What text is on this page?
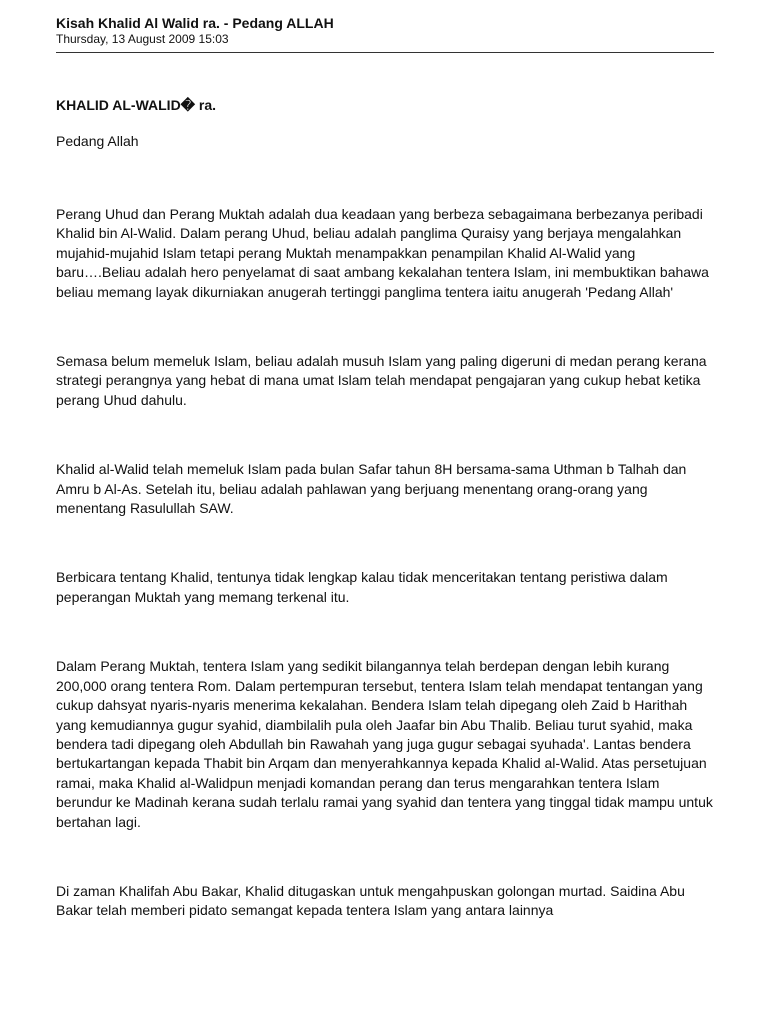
Kisah Khalid Al Walid ra. - Pedang ALLAH

Thursday, 13 August 2009 15:03

KHALID AL-WALID� ra.

Pedang Allah

Perang Uhud dan Perang Muktah adalah dua keadaan yang berbeza sebagaimana berbezanya peribadi Khalid bin Al-Walid. Dalam perang Uhud, beliau adalah panglima Quraisy yang berjaya mengalahkan mujahid-mujahid Islam tetapi perang Muktah menampakkan penampilan Khalid Al-Walid yang baru….Beliau adalah hero penyelamat di saat ambang kekalahan tentera Islam, ini membuktikan bahawa beliau memang layak dikurniakan anugerah tertinggi panglima tentera iaitu anugerah 'Pedang Allah'

Semasa belum memeluk Islam, beliau adalah musuh Islam yang paling digeruni di medan perang kerana strategi perangnya yang hebat di mana umat Islam telah mendapat pengajaran yang cukup hebat ketika perang Uhud dahulu.

Khalid al-Walid telah memeluk Islam pada bulan Safar tahun 8H bersama-sama Uthman b Talhah dan Amru b Al-As. Setelah itu, beliau adalah pahlawan yang berjuang menentang orang-orang yang menentang Rasulullah SAW.

Berbicara tentang Khalid, tentunya tidak lengkap kalau tidak menceritakan tentang peristiwa dalam peperangan Muktah yang memang terkenal itu.

Dalam Perang Muktah, tentera Islam yang sedikit bilangannya telah berdepan dengan lebih kurang 200,000 orang tentera Rom. Dalam pertempuran tersebut, tentera Islam telah mendapat tentangan yang cukup dahsyat nyaris-nyaris menerima kekalahan. Bendera Islam telah dipegang oleh Zaid b Harithah yang kemudiannya gugur syahid, diambilalih pula oleh Jaafar bin Abu Thalib. Beliau turut syahid, maka bendera tadi dipegang oleh Abdullah bin Rawahah yang juga gugur sebagai syuhada'. Lantas bendera bertukartangan kepada Thabit bin Arqam dan menyerahkannya kepada Khalid al-Walid. Atas persetujuan ramai, maka Khalid al-Walidpun menjadi komandan perang dan terus mengarahkan tentera Islam berundur ke Madinah kerana sudah terlalu ramai yang syahid dan tentera yang tinggal tidak mampu untuk bertahan lagi.

Di zaman Khalifah Abu Bakar, Khalid ditugaskan untuk mengahpuskan golongan murtad. Saidina Abu Bakar telah memberi pidato semangat kepada tentera Islam yang antara lainnya
